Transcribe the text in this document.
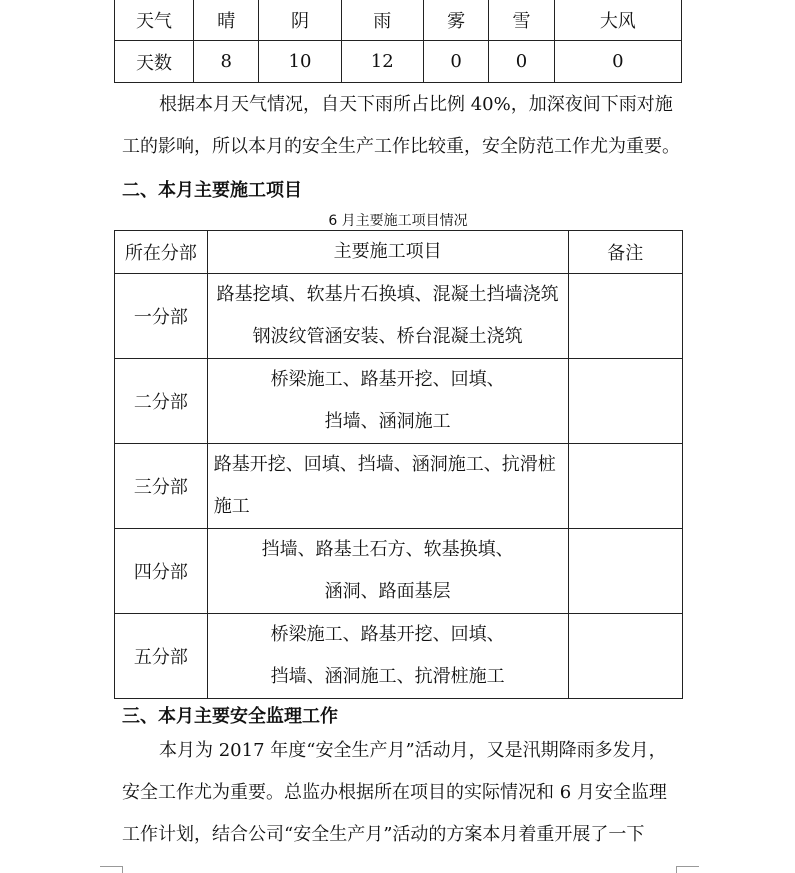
天气	晴	阴	雨	雾	雪	大风
天数	8	10	12	0	0	0

根据本月天气情况，自天下雨所占比例 40%，加深夜间下雨对施

工的影响，所以本月的安全生产工作比较重，安全防范工作尤为重要。

二、本月主要施工项目
6 月主要施工项目情况
所在分部	主要施工项目	备注
一分部	路基挖填、软基片石换填、混凝土挡墙浇筑
钢波纹管涵安装、桥台混凝土浇筑	

二分部	桥梁施工、路基开挖、回填、
挡墙、涵洞施工	

三分部	路基开挖、回填、挡墙、涵洞施工、抗滑桩
施工	

四分部	挡墙、路基土石方、软基换填、
涵洞、路面基层	

五分部	桥梁施工、路基开挖、回填、
挡墙、涵洞施工、抗滑桩施工	

三、本月主要安全监理工作

本月为 2017 年度“安全生产月”活动月，又是汛期降雨多发月，

安全工作尤为重要。总监办根据所在项目的实际情况和 6 月安全监理

工作计划，结合公司“安全生产月”活动的方案本月着重开展了一下
